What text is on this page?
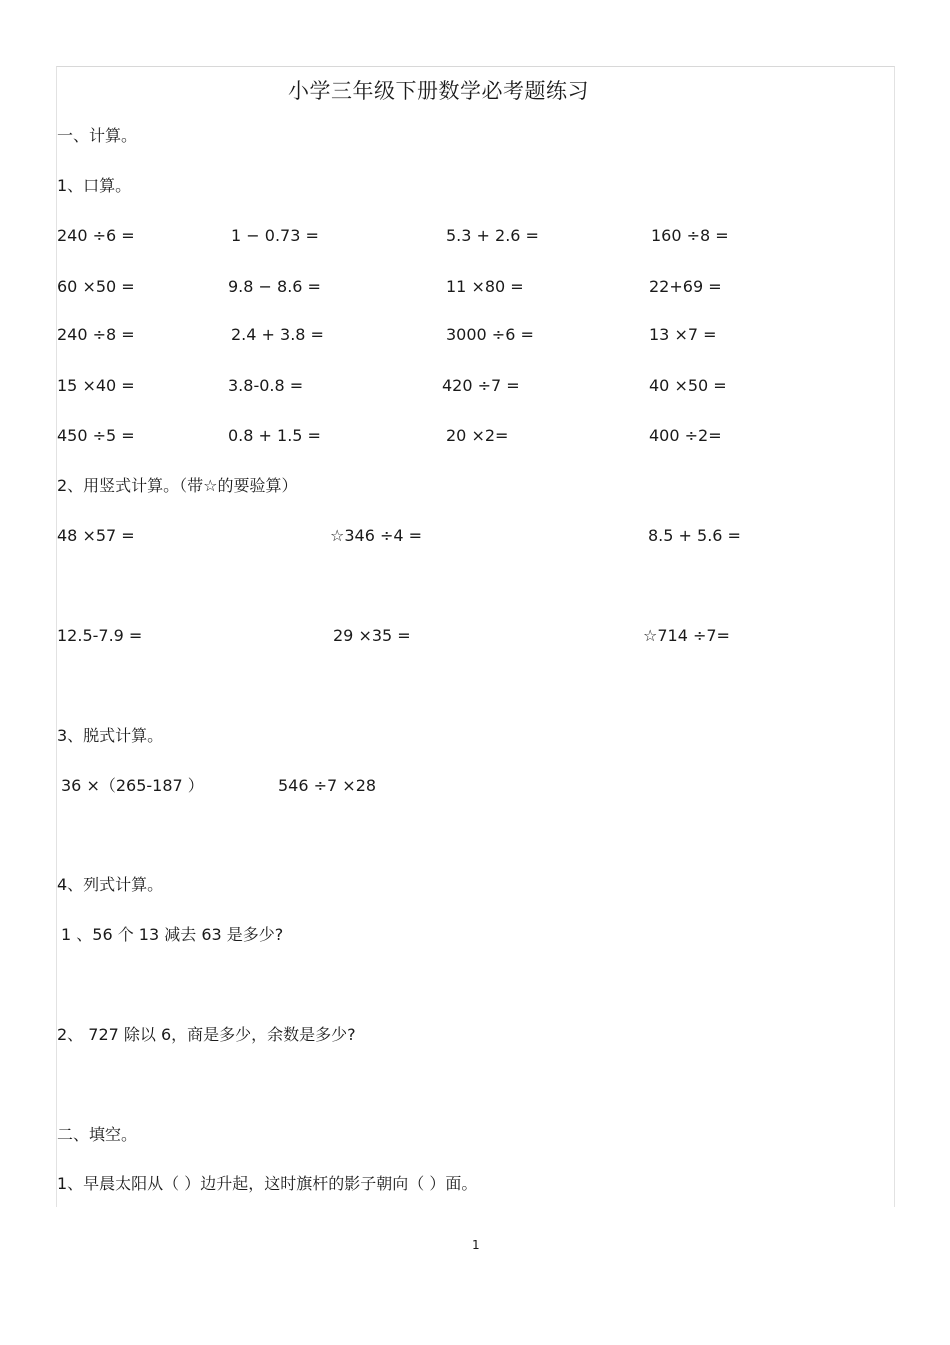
小学三年级下册数学必考题练习
一、计算。
1、口算。
240 ÷6 =	1 − 0.73 =	5.3 + 2.6 =	160 ÷8 =
60 ×50 =	9.8 − 8.6 =	11 ×80 =	22+69 =
240 ÷8 =	2.4 + 3.8 =	3000 ÷6 =	13 ×7 =
15 ×40 =	3.8-0.8 =	420 ÷7 =	40 ×50 =
450 ÷5 =	0.8 + 1.5 =	20 ×2=	400 ÷2=
2、用竖式计算。（带☆的要验算）
48 ×57 =	☆346 ÷4 =	8.5 + 5.6 =
12.5-7.9 =	29 ×35 =	☆714 ÷7=
3、脱式计算。
36 ×（265-187 ）	546 ÷7 ×28
4、列式计算。
1 、56 个 13 减去 63 是多少?
2、 727 除以 6，商是多少，余数是多少?
二、填空。
1、早晨太阳从（ ）边升起，这时旗杆的影子朝向（ ）面。
1
